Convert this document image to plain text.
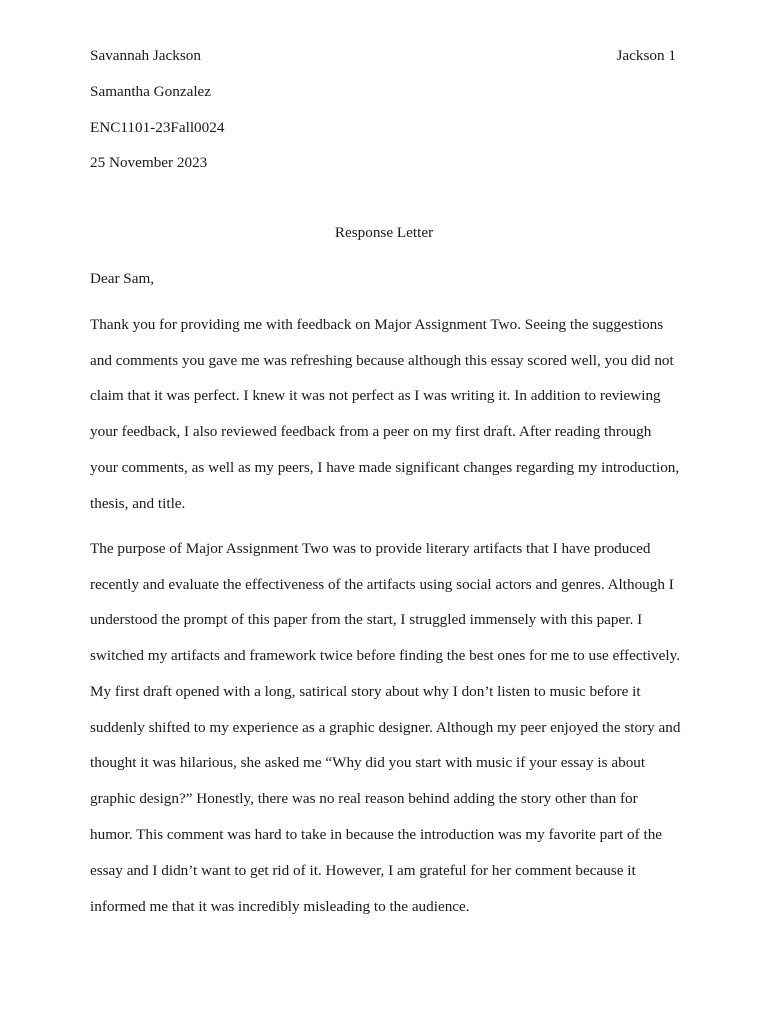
Jackson 1
Savannah Jackson
Samantha Gonzalez
ENC1101-23Fall0024
25 November 2023
Response Letter
Dear Sam,
Thank you for providing me with feedback on Major Assignment Two. Seeing the suggestions
and comments you gave me was refreshing because although this essay scored well, you did not
claim that it was perfect. I knew it was not perfect as I was writing it. In addition to reviewing
your feedback, I also reviewed feedback from a peer on my first draft. After reading through
your comments, as well as my peers, I have made significant changes regarding my introduction,
thesis, and title.
The purpose of Major Assignment Two was to provide literary artifacts that I have produced
recently and evaluate the effectiveness of the artifacts using social actors and genres. Although I
understood the prompt of this paper from the start, I struggled immensely with this paper. I
switched my artifacts and framework twice before finding the best ones for me to use effectively.
My first draft opened with a long, satirical story about why I don’t listen to music before it
suddenly shifted to my experience as a graphic designer. Although my peer enjoyed the story and
thought it was hilarious, she asked me “Why did you start with music if your essay is about
graphic design?” Honestly, there was no real reason behind adding the story other than for
humor. This comment was hard to take in because the introduction was my favorite part of the
essay and I didn’t want to get rid of it. However, I am grateful for her comment because it
informed me that it was incredibly misleading to the audience.
